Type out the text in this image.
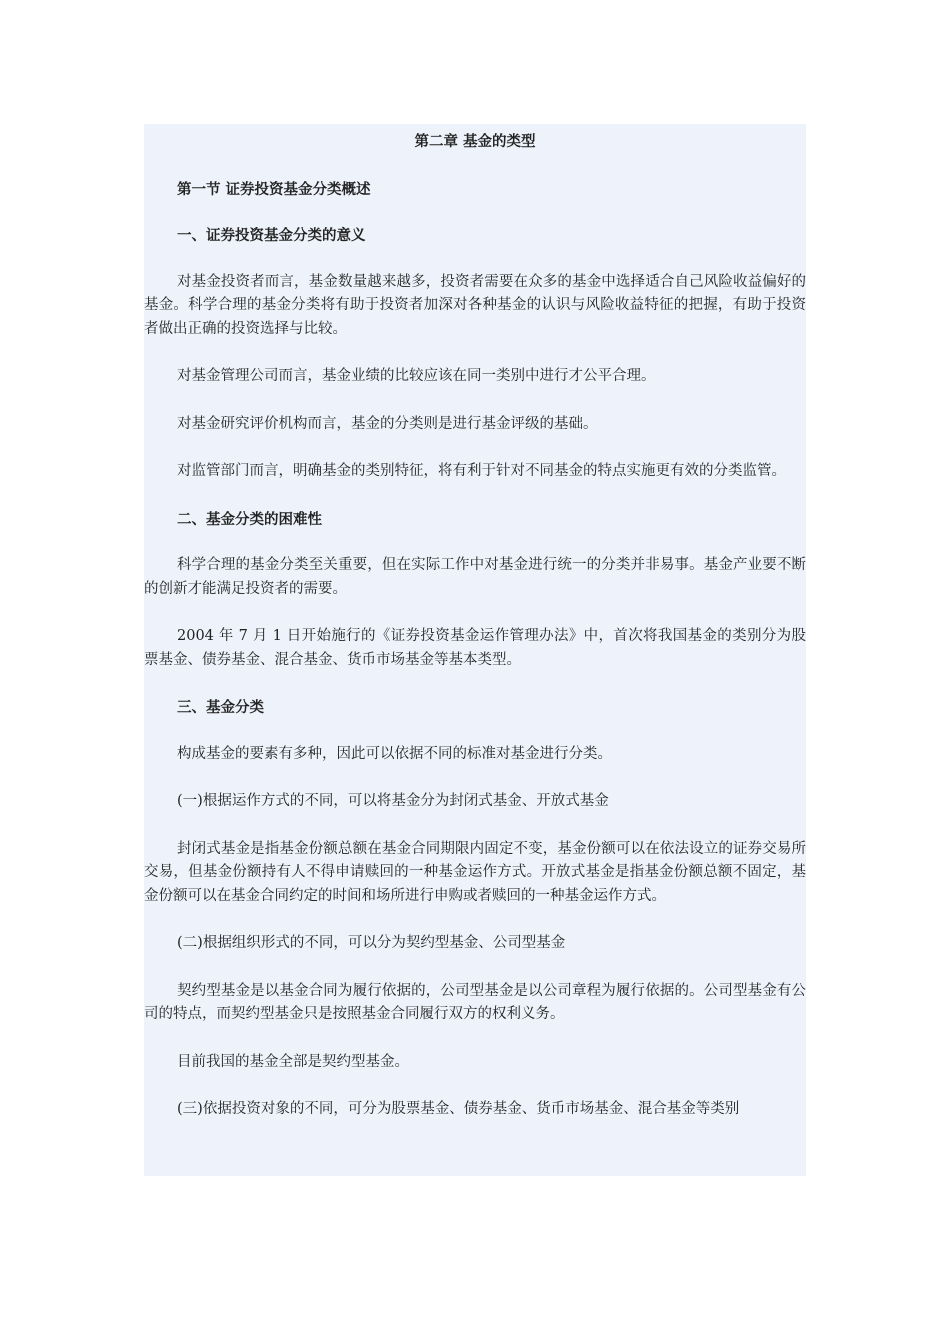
第二章 基金的类型
第一节 证券投资基金分类概述
一、证券投资基金分类的意义

对基金投资者而言，基金数量越来越多，投资者需要在众多的基金中选择适合自己风险收益偏好的基金。科学合理的基金分类将有助于投资者加深对各种基金的认识与风险收益特征的把握，有助于投资者做出正确的投资选择与比较。

对基金管理公司而言，基金业绩的比较应该在同一类别中进行才公平合理。

对基金研究评价机构而言，基金的分类则是进行基金评级的基础。

对监管部门而言，明确基金的类别特征，将有利于针对不同基金的特点实施更有效的分类监管。

二、基金分类的困难性

科学合理的基金分类至关重要，但在实际工作中对基金进行统一的分类并非易事。基金产业要不断的创新才能满足投资者的需要。

2004 年 7 月 1 日开始施行的《证券投资基金运作管理办法》中，首次将我国基金的类别分为股票基金、债券基金、混合基金、货币市场基金等基本类型。

三、基金分类

构成基金的要素有多种，因此可以依据不同的标准对基金进行分类。

(一)根据运作方式的不同，可以将基金分为封闭式基金、开放式基金

封闭式基金是指基金份额总额在基金合同期限内固定不变，基金份额可以在依法设立的证券交易所交易，但基金份额持有人不得申请赎回的一种基金运作方式。开放式基金是指基金份额总额不固定，基金份额可以在基金合同约定的时间和场所进行申购或者赎回的一种基金运作方式。

(二)根据组织形式的不同，可以分为契约型基金、公司型基金

契约型基金是以基金合同为履行依据的，公司型基金是以公司章程为履行依据的。公司型基金有公司的特点，而契约型基金只是按照基金合同履行双方的权利义务。

目前我国的基金全部是契约型基金。

(三)依据投资对象的不同，可分为股票基金、债券基金、货币市场基金、混合基金等类别
